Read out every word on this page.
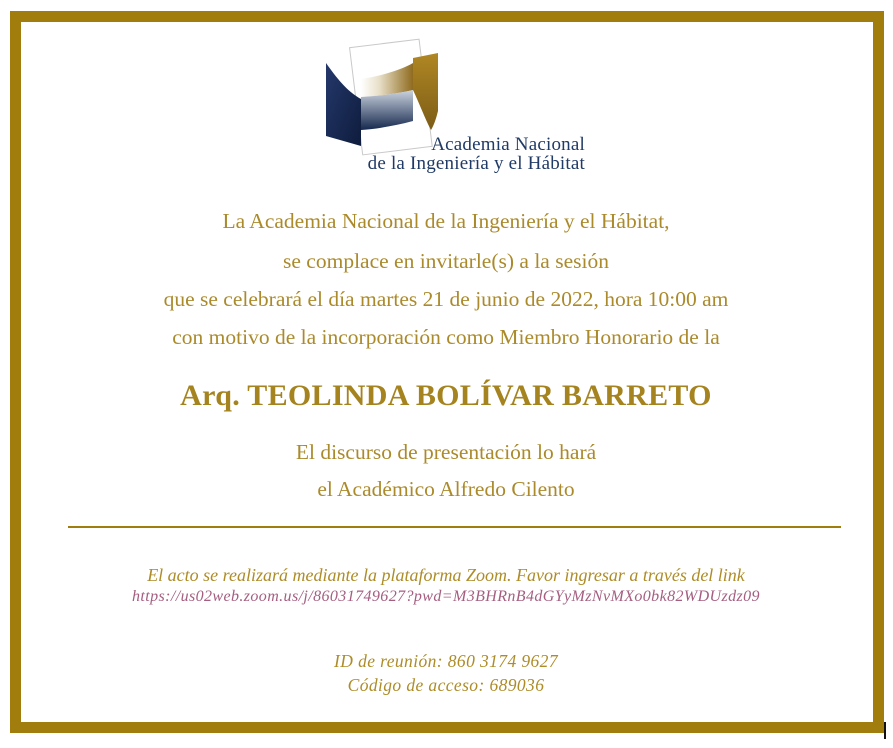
Academia Nacional
de la Ingeniería y el Hábitat
La Academia Nacional de la Ingeniería y el Hábitat,
se complace en invitarle(s) a la sesión
que se celebrará el día martes 21 de junio de 2022, hora 10:00 am
con motivo de la incorporación como Miembro Honorario de la
Arq. TEOLINDA BOLÍVAR BARRETO
El discurso de presentación lo hará
el Académico Alfredo Cilento
El acto se realizará mediante la plataforma Zoom. Favor ingresar a través del link
https://us02web.zoom.us/j/86031749627?pwd=M3BHRnB4dGYyMzNvMXo0bk82WDUzdz09
ID de reunión: 860 3174 9627
Código de acceso: 689036
